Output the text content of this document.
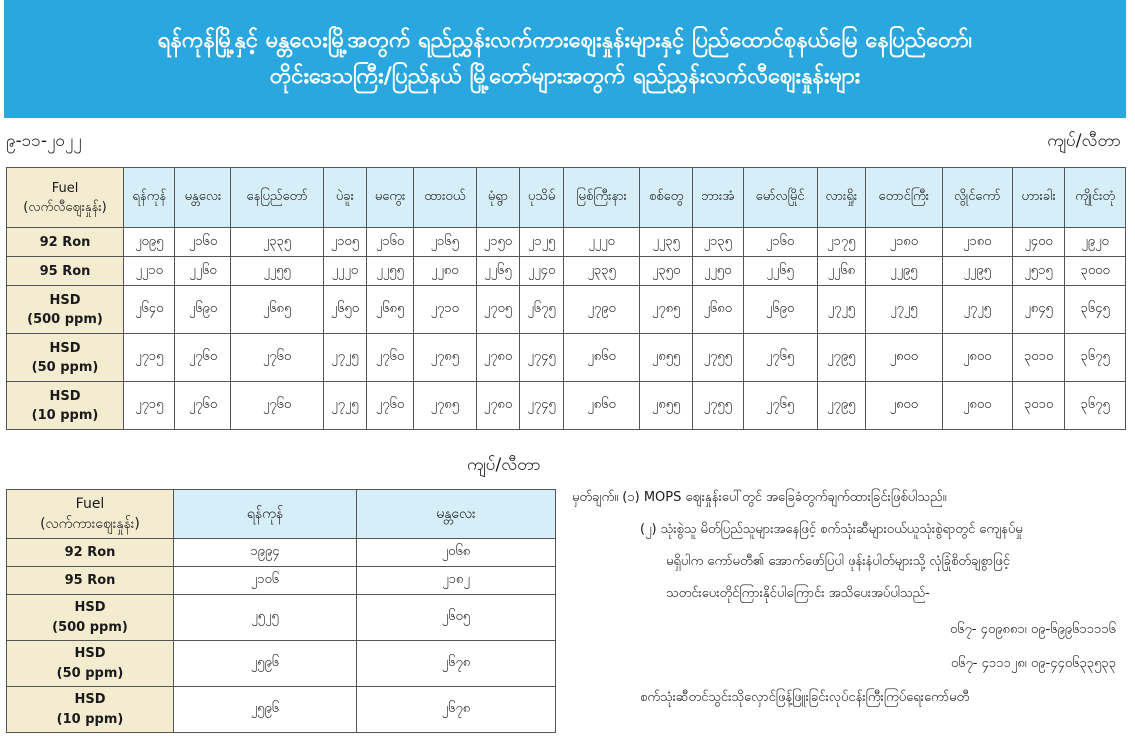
ရန်ကုန်မြို့နှင့် မန္တလေးမြို့အတွက် ရည်ညွှန်းလက်ကားဈေးနှုန်းများနှင့် ပြည်ထောင်စုနယ်မြေ နေပြည်တော်၊
တိုင်းဒေသကြီး/ပြည်နယ် မြို့တော်များအတွက် ရည်ညွှန်းလက်လီဈေးနှုန်းများ
၉-၁၁-၂၀၂၂	ကျပ်/လီတာ
Fuel
(လက်လီဈေးနှုန်း)	ရန်ကုန်	မန္တလေး	နေပြည်တော်	ပဲခူး	မကွေး	ထားဝယ်	မုံရွာ	ပုသိမ်	မြစ်ကြီးနား	စစ်တွေ	ဘားအံ	မော်လမြိုင်	လားရှိုး	တောင်ကြီး	လွိုင်ကော်	ဟားခါး	ကျိုင်းတုံ

92 Ron	၂၀၉၅	၂၁၆၀	၂၃၃၅	၂၁၀၅	၂၁၆၀	၂၁၆၅	၂၁၅၀	၂၁၂၅	၂၂၂၀	၂၂၃၅	၂၁၃၅	၂၁၆၀	၂၁၇၅	၂၁၈၀	၂၁၈၀	၂၄၀၀	၂၉၂၀

95 Ron	၂၂၁၀	၂၂၆၀	၂၂၅၅	၂၂၂၀	၂၂၅၅	၂၂၈၀	၂၂၆၅	၂၂၄၀	၂၃၃၅	၂၃၅၀	၂၂၅၀	၂၂၆၅	၂၂၆၈	၂၂၉၅	၂၂၉၅	၂၅၁၅	၃၀၀၀

HSD
(500 ppm)	၂၆၄၀	၂၆၉၀	၂၆၈၅	၂၆၅၀	၂၆၈၅	၂၇၁၀	၂၇၀၅	၂၆၇၅	၂၇၉၀	၂၇၈၅	၂၆၈၀	၂၆၉၀	၂၇၂၅	၂၇၂၅	၂၇၂၅	၂၈၄၅	၃၆၄၅

HSD
(50 ppm)	၂၇၁၅	၂၇၆၀	၂၇၆၀	၂၇၂၅	၂၇၆၀	၂၇၈၅	၂၇၈၀	၂၇၄၅	၂၈၆၀	၂၈၅၅	၂၇၅၅	၂၇၆၅	၂၇၉၅	၂၈၀၀	၂၈၀၀	၃၀၁၀	၃၆၇၅

HSD
(10 ppm)	၂၇၁၅	၂၇၆၀	၂၇၆၀	၂၇၂၅	၂၇၆၀	၂၇၈၅	၂၇၈၀	၂၇၄၅	၂၈၆၀	၂၈၅၅	၂၇၅၅	၂၇၆၅	၂၇၉၅	၂၈၀၀	၂၈၀၀	၃၀၁၀	၃၆၇၅
ကျပ်/လီတာ
Fuel
(လက်ကားဈေးနှုန်း)	ရန်ကုန်	မန္တလေး

92 Ron	၁၉၉၄	၂၀၆၈

95 Ron	၂၁၀၆	၂၁၈၂

HSD
(500 ppm)	၂၅၂၅	၂၆၀၅

HSD
(50 ppm)	၂၅၉၆	၂၆၇၈

HSD
(10 ppm)	၂၅၉၆	၂၆၇၈
မှတ်ချက်။ (၁) MOPS ဈေးနှုန်းပေါ်တွင် အခြေခံတွက်ချက်ထားခြင်းဖြစ်ပါသည်။
(၂) သုံးစွဲသူ မိတ်ပြည်သူများအနေဖြင့် စက်သုံးဆီများဝယ်ယူသုံးစွဲရာတွင် ကျေနပ်မှု
မရှိပါက ကော်မတီ၏ အောက်ဖော်ပြပါ ဖုန်းနံပါတ်များသို့ လုံခြုံစိတ်ချစွာဖြင့်
သတင်းပေးတိုင်ကြားနိုင်ပါကြောင်း အသိပေးအပ်ပါသည်-
၀၆၇- ၄၀၉၈၈၁၊ ၀၉-၆၉၉၆၁၁၁၁၆
၀၆၇- ၄၁၁၁၂၈၊ ၀၉-၄၄၀၆၃၃၅၃၃
စက်သုံးဆီတင်သွင်းသိုလှောင်ဖြန့်ဖြူးခြင်းလုပ်ငန်းကြီးကြပ်ရေးကော်မတီ
